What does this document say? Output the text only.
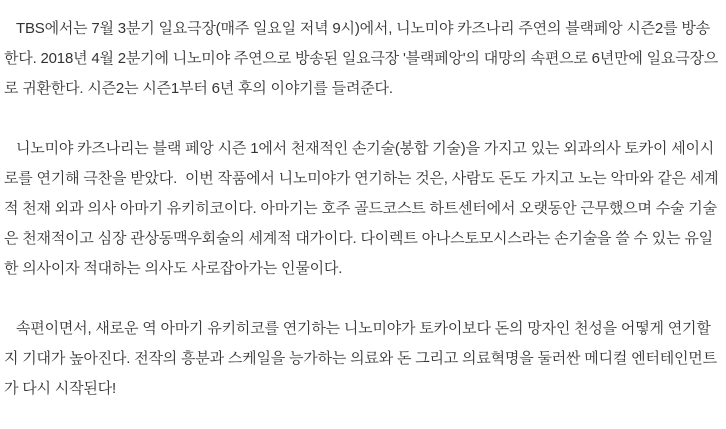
TBS에서는 7월 3분기 일요극장(매주 일요일 저녁 9시)에서, 니노미야 카즈나리 주연의 블랙페앙 시즌2를 방송한다. 2018년 4월 2분기에 니노미야 주연으로 방송된 일요극장 '블랙페앙'의 대망의 속편으로 6년만에 일요극장으로 귀환한다. 시즌2는 시즌1부터 6년 후의 이야기를 들려준다.

니노미야 카즈나리는 블랙 페앙 시즌 1에서 천재적인 손기술(봉합 기술)을 가지고 있는 외과의사 토카이 세이시로를 연기해 극찬을 받았다.  이번 작품에서 니노미야가 연기하는 것은, 사람도 돈도 가지고 노는 악마와 같은 세계적 천재 외과 의사 아마기 유키히코이다. 아마기는 호주 골드코스트 하트센터에서 오랫동안 근무했으며 수술 기술은 천재적이고 심장 관상동맥우회술의 세계적 대가이다. 다이렉트 아나스토모시스라는 손기술을 쓸 수 있는 유일한 의사이자 적대하는 의사도 사로잡아가는 인물이다.

속편이면서, 새로운 역 아마기 유키히코를 연기하는 니노미야가 토카이보다 돈의 망자인 천성을 어떻게 연기할지 기대가 높아진다. 전작의 흥분과 스케일을 능가하는 의료와 돈 그리고 의료혁명을 둘러싼 메디컬 엔터테인먼트가 다시 시작된다!
